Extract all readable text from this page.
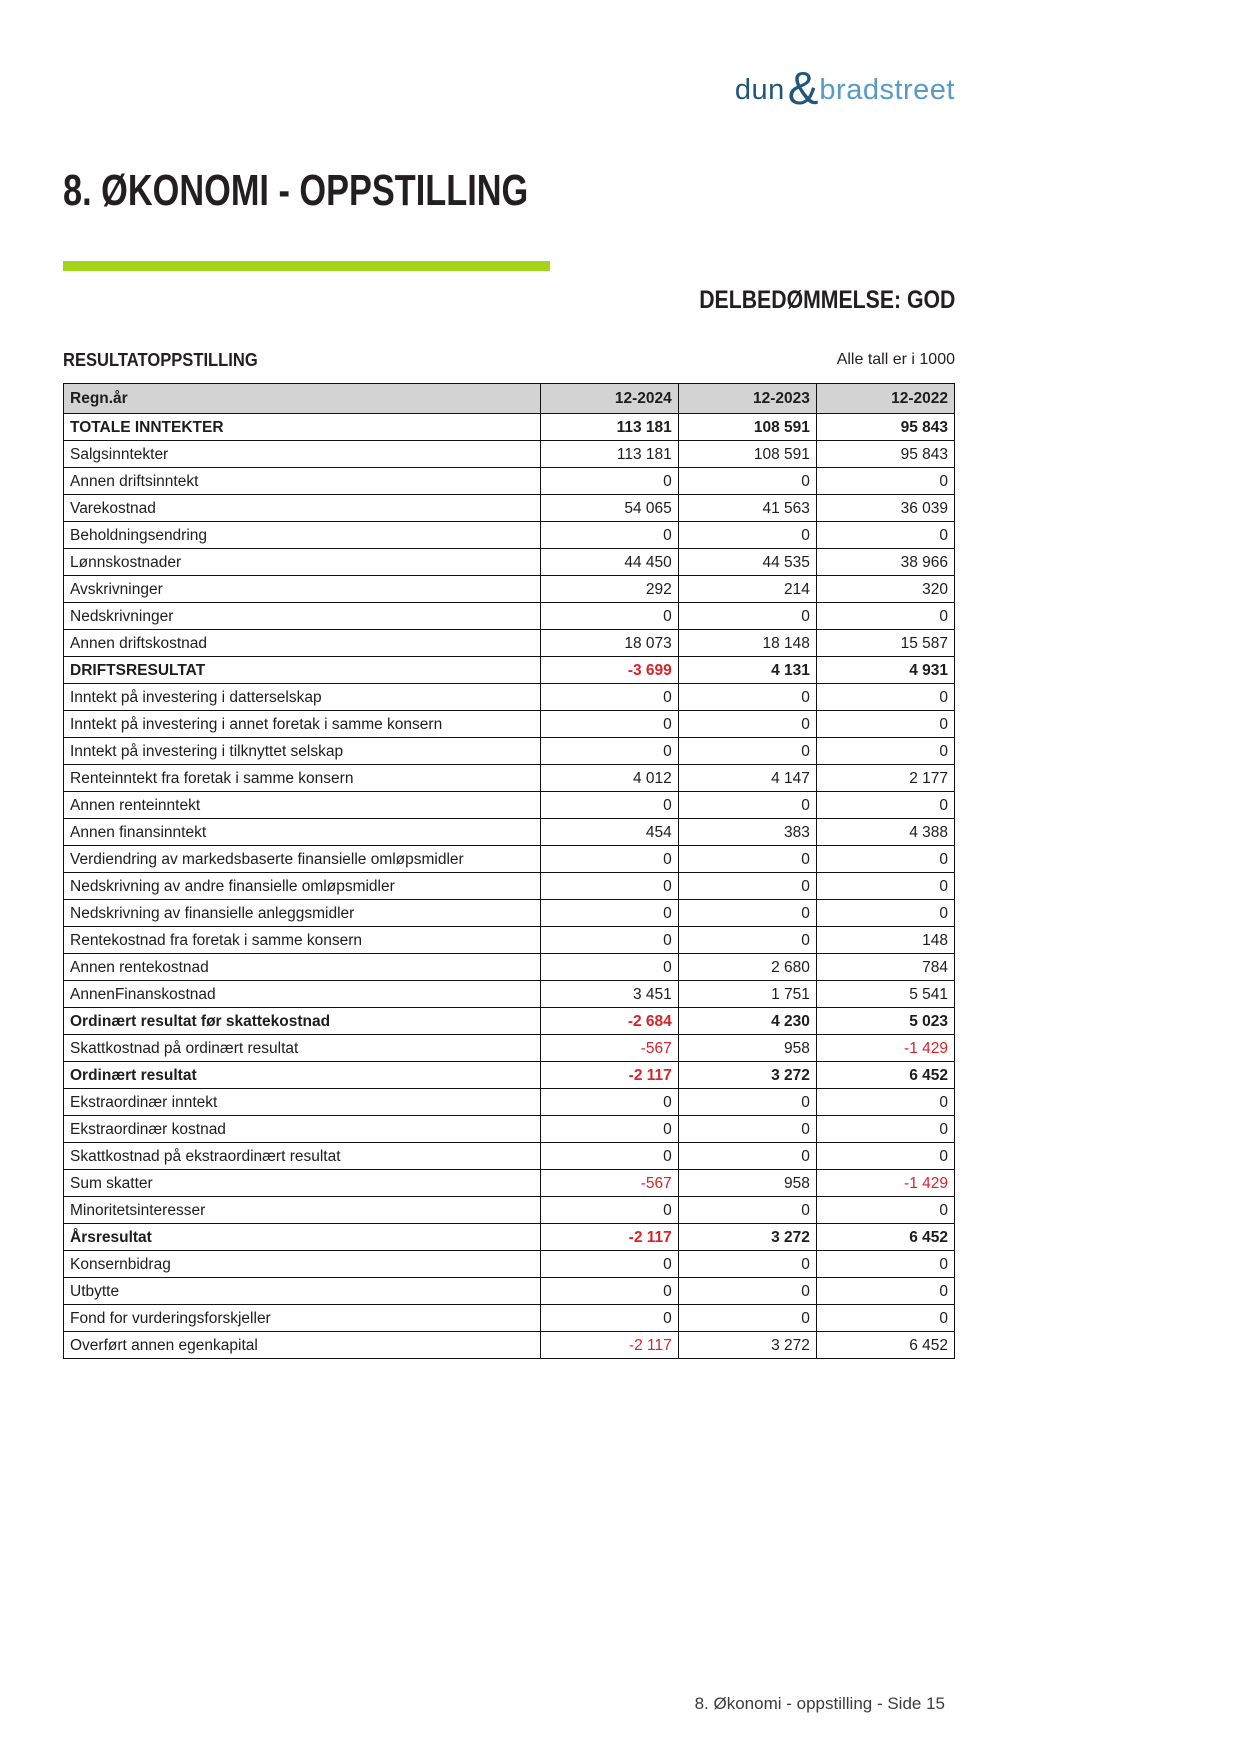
dun & bradstreet
8. ØKONOMI - OPPSTILLING
DELBEDØMMELSE: GOD
RESULTATOPPSTILLING	Alle tall er i 1000
Regn.år	12-2024	12-2023	12-2022
TOTALE INNTEKTER	113 181	108 591	95 843
Salgsinntekter	113 181	108 591	95 843
Annen driftsinntekt	0	0	0
Varekostnad	54 065	41 563	36 039
Beholdningsendring	0	0	0
Lønnskostnader	44 450	44 535	38 966
Avskrivninger	292	214	320
Nedskrivninger	0	0	0
Annen driftskostnad	18 073	18 148	15 587
DRIFTSRESULTAT	-3 699	4 131	4 931
Inntekt på investering i datterselskap	0	0	0
Inntekt på investering i annet foretak i samme konsern	0	0	0
Inntekt på investering i tilknyttet selskap	0	0	0
Renteinntekt fra foretak i samme konsern	4 012	4 147	2 177
Annen renteinntekt	0	0	0
Annen finansinntekt	454	383	4 388
Verdiendring av markedsbaserte finansielle omløpsmidler	0	0	0
Nedskrivning av andre finansielle omløpsmidler	0	0	0
Nedskrivning av finansielle anleggsmidler	0	0	0
Rentekostnad fra foretak i samme konsern	0	0	148
Annen rentekostnad	0	2 680	784
AnnenFinanskostnad	3 451	1 751	5 541
Ordinært resultat før skattekostnad	-2 684	4 230	5 023
Skattkostnad på ordinært resultat	-567	958	-1 429
Ordinært resultat	-2 117	3 272	6 452
Ekstraordinær inntekt	0	0	0
Ekstraordinær kostnad	0	0	0
Skattkostnad på ekstraordinært resultat	0	0	0
Sum skatter	-567	958	-1 429
Minoritetsinteresser	0	0	0
Årsresultat	-2 117	3 272	6 452
Konsernbidrag	0	0	0
Utbytte	0	0	0
Fond for vurderingsforskjeller	0	0	0
Overført annen egenkapital	-2 117	3 272	6 452
8. Økonomi - oppstilling - Side 15
